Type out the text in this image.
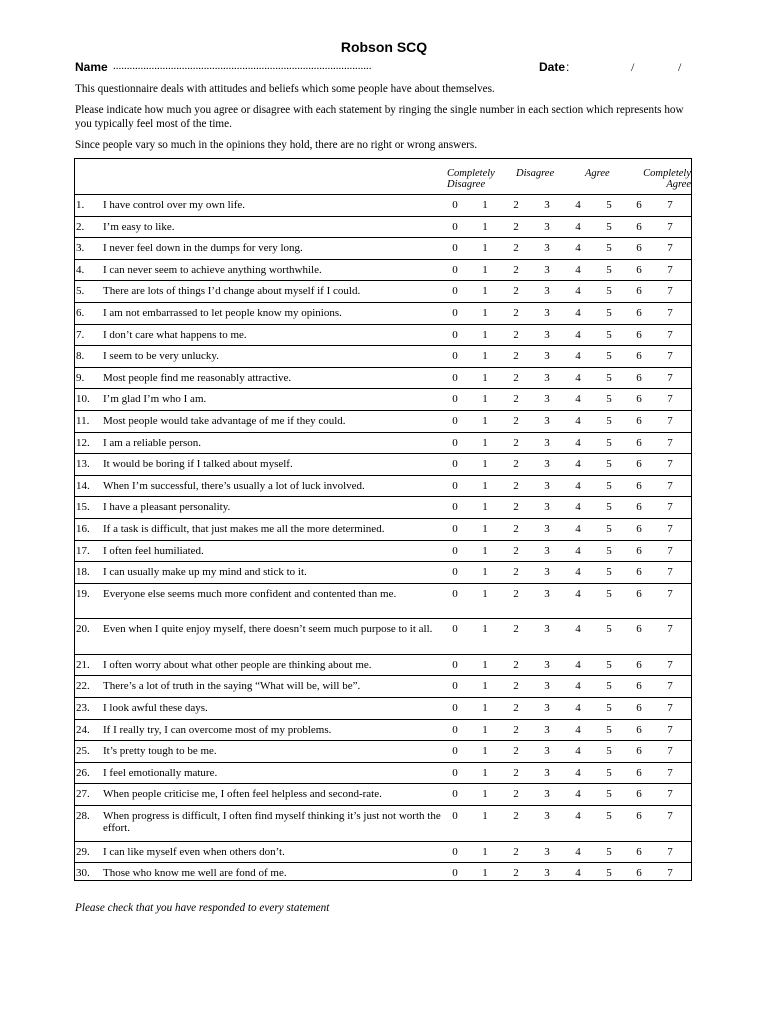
Robson SCQ
Name ..............................................................................................	Date :	/	/
This questionnaire deals with attitudes and beliefs which some people have about themselves.
Please indicate how much you agree or disagree with each statement by ringing the single number in each section which represents how you typically feel most of the time.
Since people vary so much in the opinions they hold, there are no right or wrong answers.
Completely Disagree
Disagree	Agree	Completely Agree
1. I have control over my own life.	0	1	2	3	4	5	6	7
2. I’m easy to like.	0	1	2	3	4	5	6	7
3. I never feel down in the dumps for very long.	0	1	2	3	4	5	6	7
4. I can never seem to achieve anything worthwhile.	0	1	2	3	4	5	6	7
5. There are lots of things I’d change about myself if I could.	0	1	2	3	4	5	6	7
6. I am not embarrassed to let people know my opinions.	0	1	2	3	4	5	6	7
7. I don’t care what happens to me.	0	1	2	3	4	5	6	7
8. I seem to be very unlucky.	0	1	2	3	4	5	6	7
9. Most people find me reasonably attractive.	0	1	2	3	4	5	6	7
10. I’m glad I’m who I am.	0	1	2	3	4	5	6	7
11. Most people would take advantage of me if they could.	0	1	2	3	4	5	6	7
12. I am a reliable person.	0	1	2	3	4	5	6	7
13. It would be boring if I talked about myself.	0	1	2	3	4	5	6	7
14. When I’m successful, there’s usually a lot of luck involved.	0	1	2	3	4	5	6	7
15. I have a pleasant personality.	0	1	2	3	4	5	6	7
16. If a task is difficult, that just makes me all the more determined.	0	1	2	3	4	5	6	7
17. I often feel humiliated.	0	1	2	3	4	5	6	7
18. I can usually make up my mind and stick to it.	0	1	2	3	4	5	6	7
19. Everyone else seems much more confident and contented than me.	0	1	2	3	4	5	6	7
20. Even when I quite enjoy myself, there doesn’t seem much purpose to it all.	0	1	2	3	4	5	6	7
21. I often worry about what other people are thinking about me.	0	1	2	3	4	5	6	7
22. There’s a lot of truth in the saying “What will be, will be”.	0	1	2	3	4	5	6	7
23. I look awful these days.	0	1	2	3	4	5	6	7
24. If I really try, I can overcome most of my problems.	0	1	2	3	4	5	6	7
25. It’s pretty tough to be me.	0	1	2	3	4	5	6	7
26. I feel emotionally mature.	0	1	2	3	4	5	6	7
27. When people criticise me, I often feel helpless and second-rate.	0	1	2	3	4	5	6	7
28. When progress is difficult, I often find myself thinking it’s just not worth the effort.
0	1	2	3	4	5	6	7
29. I can like myself even when others don’t.	0	1	2	3	4	5	6	7
30. Those who know me well are fond of me.	0	1	2	3	4	5	6	7
Please check that you have responded to every statement
